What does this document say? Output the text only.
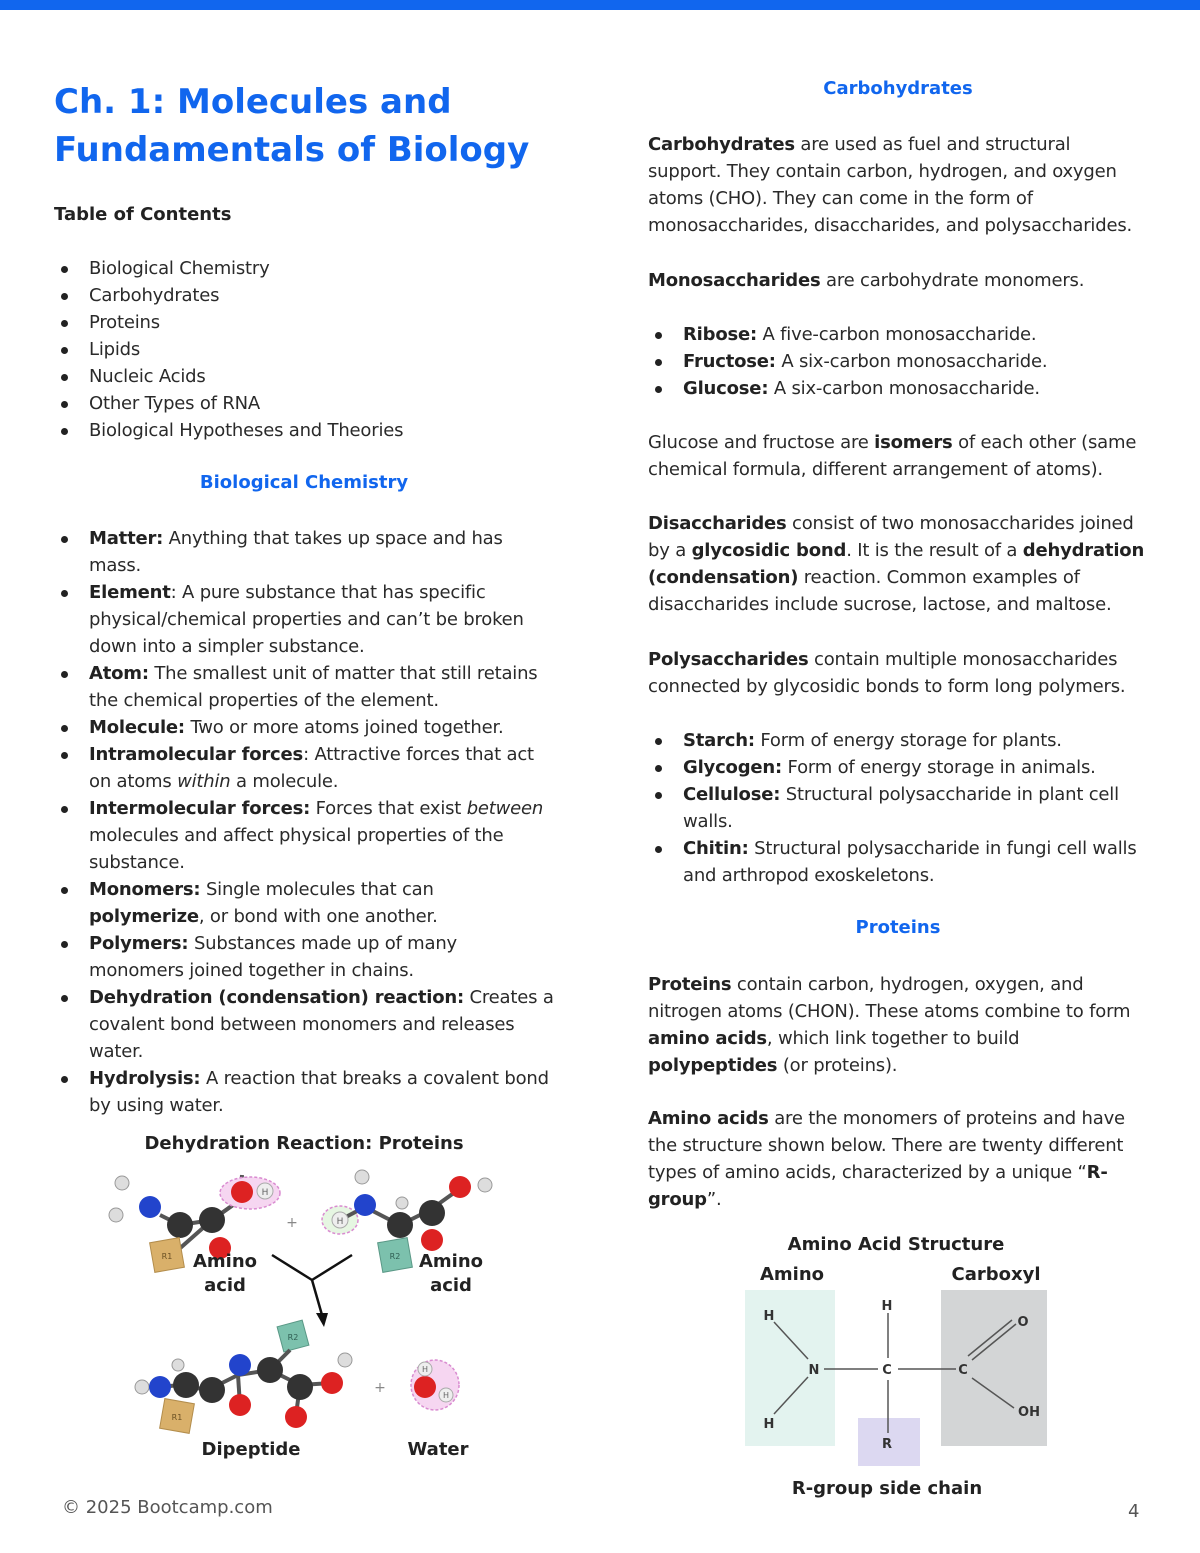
Ch. 1: Molecules and
Fundamentals of Biology
Table of Contents
Biological Chemistry
Carbohydrates
Proteins
Lipids
Nucleic Acids
Other Types of RNA
Biological Hypotheses and Theories
Biological Chemistry
Matter: Anything that takes up space and has mass.
Element: A pure substance that has specific physical/chemical properties and can’t be broken down into a simpler substance.
Atom: The smallest unit of matter that still retains the chemical properties of the element.
Molecule: Two or more atoms joined together.
Intramolecular forces: Attractive forces that act on atoms within a molecule.
Intermolecular forces: Forces that exist between molecules and affect physical properties of the substance.
Monomers: Single molecules that can polymerize, or bond with one another.
Polymers: Substances made up of many monomers joined together in chains.
Dehydration (condensation) reaction: Creates a covalent bond between monomers and releases water.
Hydrolysis: A reaction that breaks a covalent bond by using water.
Dehydration Reaction: Proteins
H
R1
+	H
R2
R2
R1
+
H
H
Amino
acid
Amino
acid
Dipeptide	Water
Carbohydrates

Carbohydrates are used as fuel and structural support. They contain carbon, hydrogen, and oxygen atoms (CHO). They can come in the form of monosaccharides, disaccharides, and polysaccharides.

Monosaccharides are carbohydrate monomers.

Ribose: A five-carbon monosaccharide.
Fructose: A six-carbon monosaccharide.
Glucose: A six-carbon monosaccharide.

Glucose and fructose are isomers of each other (same chemical formula, different arrangement of atoms).

Disaccharides consist of two monosaccharides joined by a glycosidic bond. It is the result of a dehydration (condensation) reaction. Common examples of disaccharides include sucrose, lactose, and maltose.

Polysaccharides contain multiple monosaccharides connected by glycosidic bonds to form long polymers.

Starch: Form of energy storage for plants.
Glycogen: Form of energy storage in animals.
Cellulose: Structural polysaccharide in plant cell walls.
Chitin: Structural polysaccharide in fungi cell walls and arthropod exoskeletons.
Proteins

Proteins contain carbon, hydrogen, oxygen, and nitrogen atoms (CHON). These atoms combine to form amino acids, which link together to build polypeptides (or proteins).

Amino acids are the monomers of proteins and have the structure shown below. There are twenty different types of amino acids, characterized by a unique “R-group”.

Amino Acid Structure
Amino	Carboxyl
H
H
N
H
C	C
O
OH
R
R-group side chain
© 2025 Bootcamp.com	4
